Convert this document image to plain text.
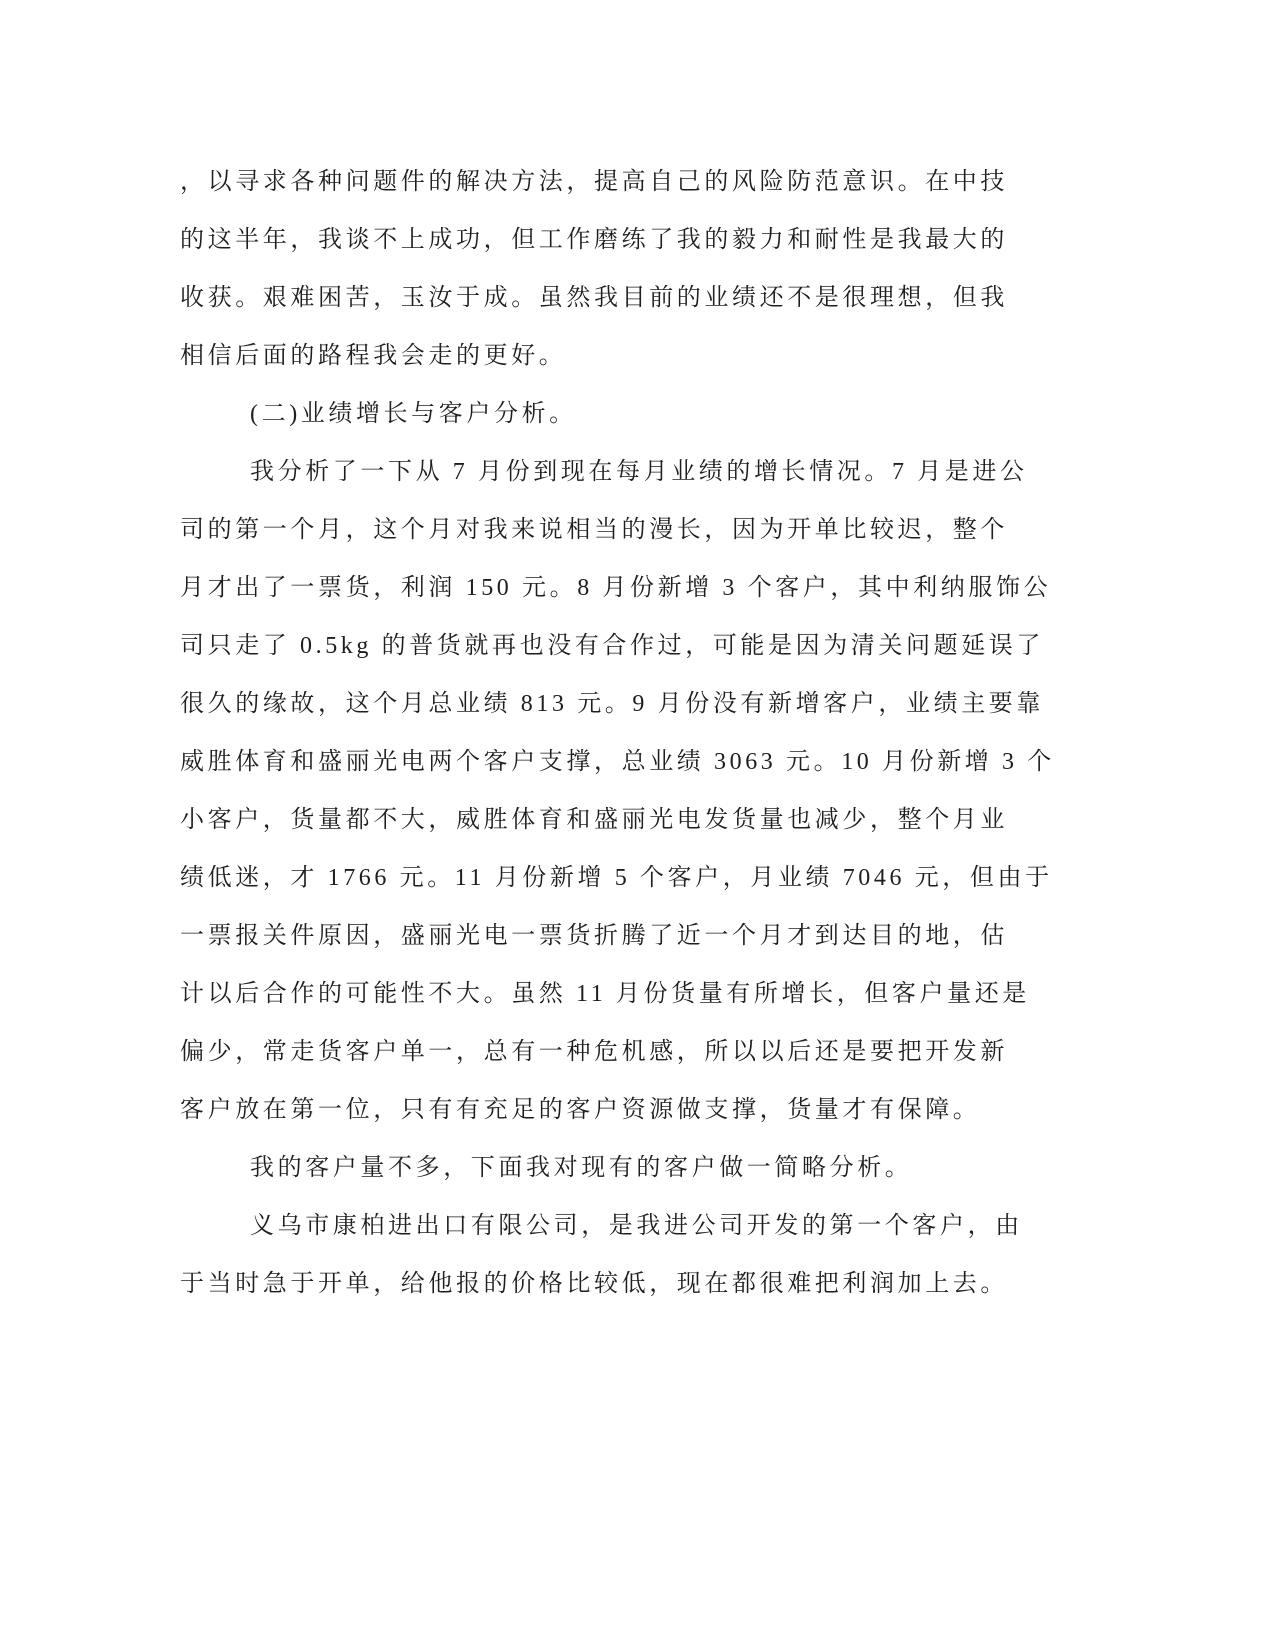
，以寻求各种问题件的解决方法，提高自己的风险防范意识。在中技
的这半年，我谈不上成功，但工作磨练了我的毅力和耐性是我最大的
收获。艰难困苦，玉汝于成。虽然我目前的业绩还不是很理想，但我
相信后面的路程我会走的更好。
(二)业绩增长与客户分析。
我分析了一下从 7 月份到现在每月业绩的增长情况。7 月是进公
司的第一个月，这个月对我来说相当的漫长，因为开单比较迟，整个
月才出了一票货，利润 150 元。8 月份新增 3 个客户，其中利纳服饰公
司只走了 0.5kg 的普货就再也没有合作过，可能是因为清关问题延误了
很久的缘故，这个月总业绩 813 元。9 月份没有新增客户，业绩主要靠
威胜体育和盛丽光电两个客户支撑，总业绩 3063 元。10 月份新增 3 个
小客户，货量都不大，威胜体育和盛丽光电发货量也减少，整个月业
绩低迷，才 1766 元。11 月份新增 5 个客户，月业绩 7046 元，但由于
一票报关件原因，盛丽光电一票货折腾了近一个月才到达目的地，估
计以后合作的可能性不大。虽然 11 月份货量有所增长，但客户量还是
偏少，常走货客户单一，总有一种危机感，所以以后还是要把开发新
客户放在第一位，只有有充足的客户资源做支撑，货量才有保障。
我的客户量不多，下面我对现有的客户做一简略分析。
义乌市康柏进出口有限公司，是我进公司开发的第一个客户，由
于当时急于开单，给他报的价格比较低，现在都很难把利润加上去。
